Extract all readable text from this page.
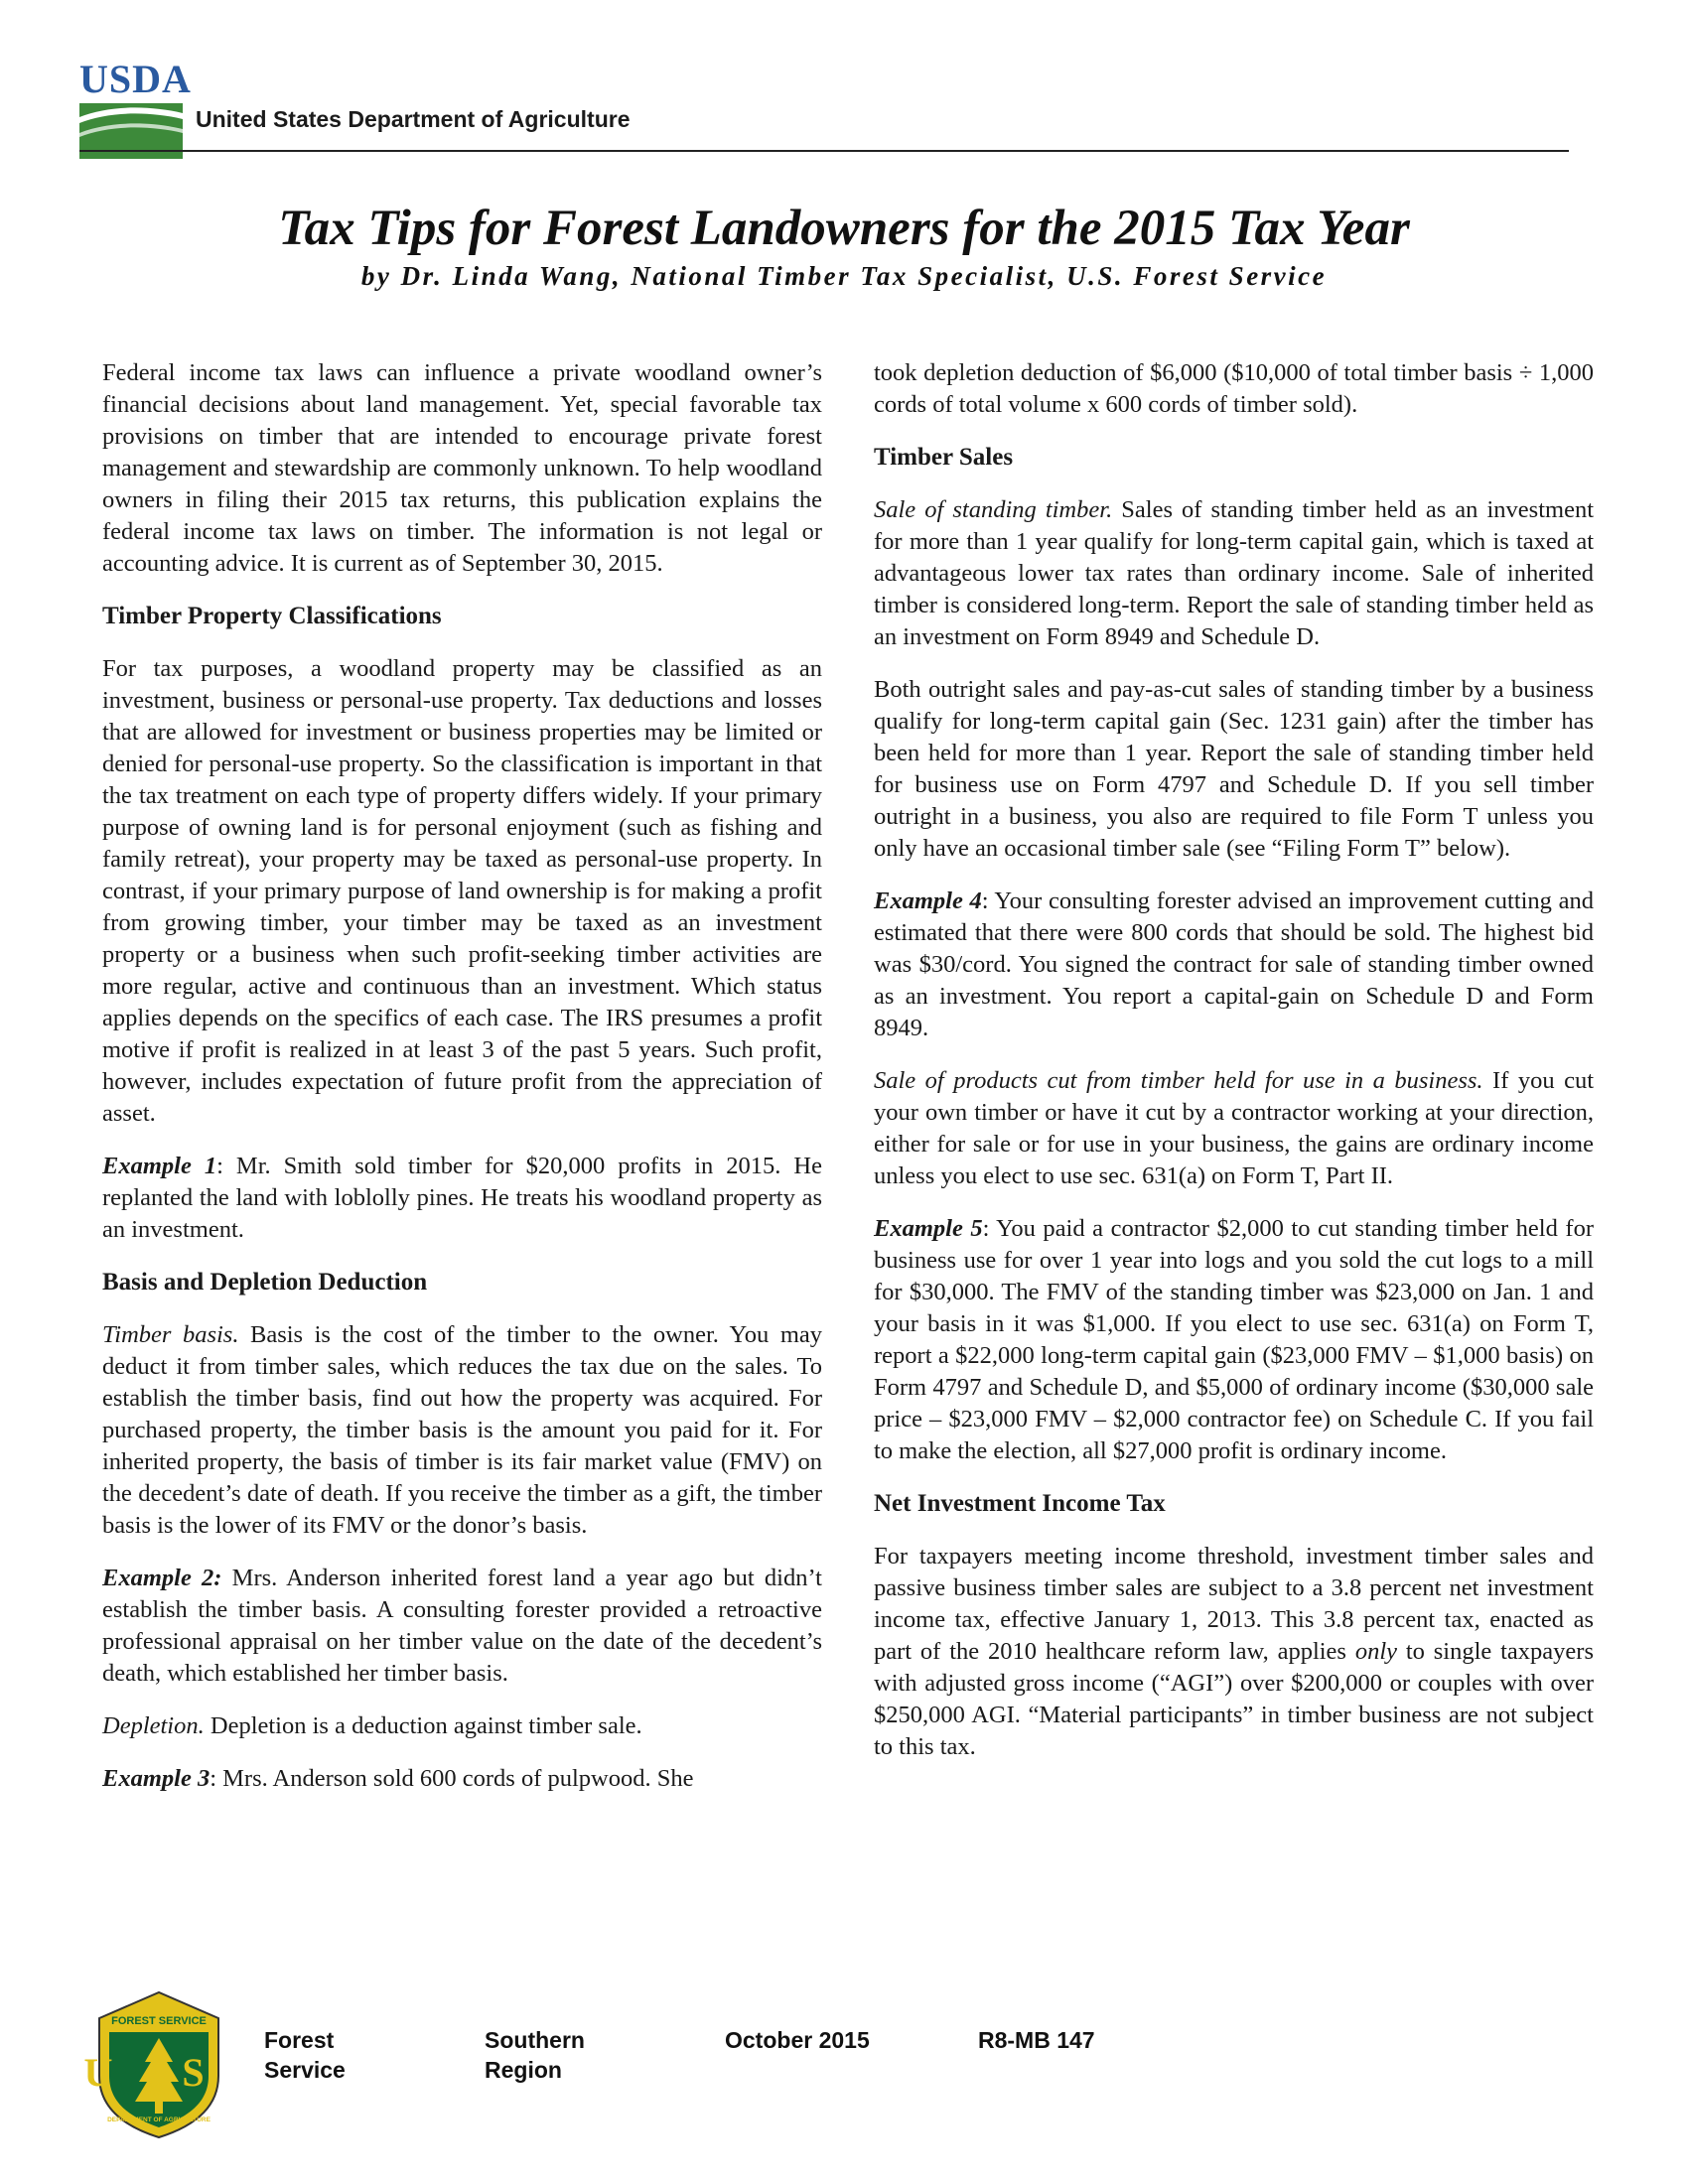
USDA
United States Department of Agriculture
Tax Tips for Forest Landowners for the 2015 Tax Year
by Dr. Linda Wang, National Timber Tax Specialist, U.S. Forest Service

Federal income tax laws can influence a private woodland owner’s financial decisions about land management. Yet, special favorable tax provisions on timber that are intended to encourage private forest management and stewardship are commonly unknown. To help woodland owners in filing their 2015 tax returns, this publication explains the federal income tax laws on timber. The information is not legal or accounting advice. It is current as of September 30, 2015.

Timber Property Classifications

For tax purposes, a woodland property may be classified as an investment, business or personal-use property. Tax deductions and losses that are allowed for investment or business properties may be limited or denied for personal-use property. So the classification is important in that the tax treatment on each type of property differs widely. If your primary purpose of owning land is for personal enjoyment (such as fishing and family retreat), your property may be taxed as personal-use property. In contrast, if your primary purpose of land ownership is for making a profit from growing timber, your timber may be taxed as an investment property or a business when such profit-seeking timber activities are more regular, active and continuous than an investment. Which status applies depends on the specifics of each case. The IRS presumes a profit motive if profit is realized in at least 3 of the past 5 years. Such profit, however, includes expectation of future profit from the appreciation of asset.

Example 1: Mr. Smith sold timber for $20,000 profits in 2015. He replanted the land with loblolly pines. He treats his woodland property as an investment.

Basis and Depletion Deduction

Timber basis. Basis is the cost of the timber to the owner. You may deduct it from timber sales, which reduces the tax due on the sales. To establish the timber basis, find out how the property was acquired. For purchased property, the timber basis is the amount you paid for it. For inherited property, the basis of timber is its fair market value (FMV) on the decedent’s date of death. If you receive the timber as a gift, the timber basis is the lower of its FMV or the donor’s basis.

Example 2: Mrs. Anderson inherited forest land a year ago but didn’t establish the timber basis. A consulting forester provided a retroactive professional appraisal on her timber value on the date of the decedent’s death, which established her timber basis.

Depletion. Depletion is a deduction against timber sale.

Example 3: Mrs. Anderson sold 600 cords of pulpwood. She

took depletion deduction of $6,000 ($10,000 of total timber basis ÷ 1,000 cords of total volume x 600 cords of timber sold).

Timber Sales

Sale of standing timber. Sales of standing timber held as an investment for more than 1 year qualify for long-term capital gain, which is taxed at advantageous lower tax rates than ordinary income. Sale of inherited timber is considered long-term. Report the sale of standing timber held as an investment on Form 8949 and Schedule D.

Both outright sales and pay-as-cut sales of standing timber by a business qualify for long-term capital gain (Sec. 1231 gain) after the timber has been held for more than 1 year. Report the sale of standing timber held for business use on Form 4797 and Schedule D. If you sell timber outright in a business, you also are required to file Form T unless you only have an occasional timber sale (see “Filing Form T” below).

Example 4: Your consulting forester advised an improvement cutting and estimated that there were 800 cords that should be sold. The highest bid was $30/cord. You signed the contract for sale of standing timber owned as an investment. You report a capital-gain on Schedule D and Form 8949.

Sale of products cut from timber held for use in a business. If you cut your own timber or have it cut by a contractor working at your direction, either for sale or for use in your business, the gains are ordinary income unless you elect to use sec. 631(a) on Form T, Part II.

Example 5: You paid a contractor $2,000 to cut standing timber held for business use for over 1 year into logs and you sold the cut logs to a mill for $30,000. The FMV of the standing timber was $23,000 on Jan. 1 and your basis in it was $1,000. If you elect to use sec. 631(a) on Form T, report a $22,000 long-term capital gain ($23,000 FMV – $1,000 basis) on Form 4797 and Schedule D, and $5,000 of ordinary income ($30,000 sale price – $23,000 FMV – $2,000 contractor fee) on Schedule C. If you fail to make the election, all $27,000 profit is ordinary income.

Net Investment Income Tax

For taxpayers meeting income threshold, investment timber sales and passive business timber sales are subject to a 3.8 percent net investment income tax, effective January 1, 2013. This 3.8 percent tax, enacted as part of the 2010 healthcare reform law, applies only to single taxpayers with adjusted gross income (“AGI”) over $200,000 or couples with over $250,000 AGI. “Material participants” in timber business are not subject to this tax.

FOREST SERVICE
U S
DEPARTMENT OF AGRICULTURE
Forest
Service
Southern
Region
October 2015	R8-MB 147
